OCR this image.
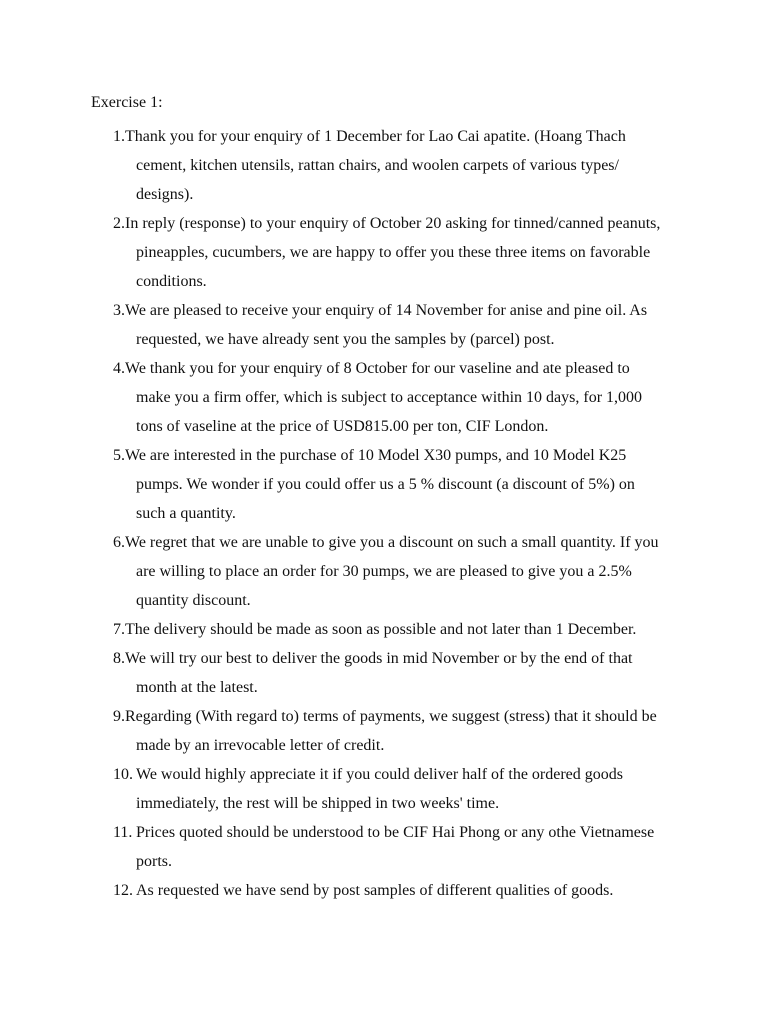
Exercise 1:
1. Thank you for your enquiry of 1 December for Lao Cai apatite. (Hoang Thach
cement, kitchen utensils, rattan chairs, and woolen carpets of various types/
designs).
2. In reply (response) to your enquiry of October 20 asking for tinned/canned peanuts,
pineapples, cucumbers, we are happy to offer you these three items on favorable
conditions.
3. We are pleased to receive your enquiry of 14 November for anise and pine oil. As
requested, we have already sent you the samples by (parcel) post.
4. We thank you for your enquiry of 8 October for our vaseline and ate pleased to
make you a firm offer, which is subject to acceptance within 10 days, for 1,000
tons of vaseline at the price of USD815.00 per ton, CIF London.
5. We are interested in the purchase of 10 Model X30 pumps, and 10 Model K25
pumps. We wonder if you could offer us a 5 % discount (a discount of 5%) on
such a quantity.
6. We regret that we are unable to give you a discount on such a small quantity. If you
are willing to place an order for 30 pumps, we are pleased to give you a 2.5%
quantity discount.
7. The delivery should be made as soon as possible and not later than 1 December.
8. We will try our best to deliver the goods in mid November or by the end of that
month at the latest.
9. Regarding (With regard to) terms of payments, we suggest (stress) that it should be
made by an irrevocable letter of credit.
10. We would highly appreciate it if you could deliver half of the ordered goods
immediately, the rest will be shipped in two weeks' time.
11. Prices quoted should be understood to be CIF Hai Phong or any othe Vietnamese
ports.
12. As requested we have send by post samples of different qualities of goods.
